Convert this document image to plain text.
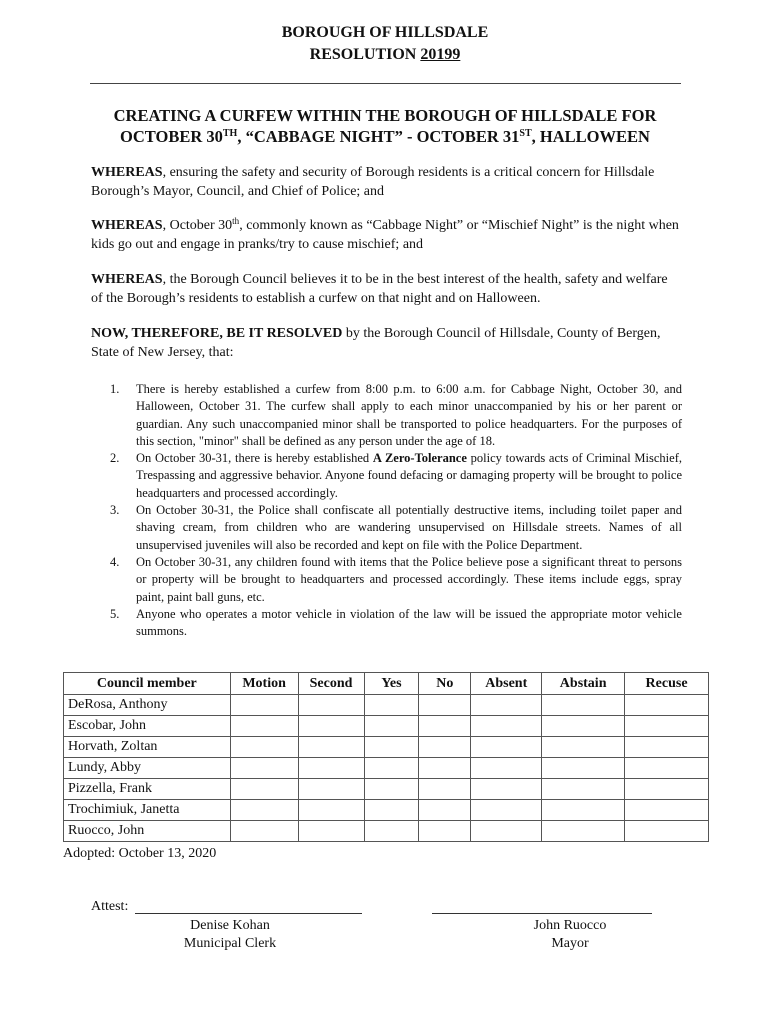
BOROUGH OF HILLSDALE
RESOLUTION 20199
CREATING A CURFEW WITHIN THE BOROUGH OF HILLSDALE FOR
OCTOBER 30TH, “CABBAGE NIGHT” - OCTOBER 31ST, HALLOWEEN
WHEREAS, ensuring the safety and security of Borough residents is a critical concern for Hillsdale Borough’s Mayor, Council, and Chief of Police; and
WHEREAS, October 30th, commonly known as “Cabbage Night” or “Mischief Night” is the night when kids go out and engage in pranks/try to cause mischief; and
WHEREAS, the Borough Council believes it to be in the best interest of the health, safety and welfare of the Borough’s residents to establish a curfew on that night and on Halloween.
NOW, THEREFORE, BE IT RESOLVED by the Borough Council of Hillsdale, County of Bergen, State of New Jersey, that:
1. There is hereby established a curfew from 8:00 p.m. to 6:00 a.m. for Cabbage Night, October 30, and Halloween, October 31. The curfew shall apply to each minor unaccompanied by his or her parent or guardian. Any such unaccompanied minor shall be transported to police headquarters. For the purposes of this section, "minor" shall be defined as any person under the age of 18.
2. On October 30-31, there is hereby established A Zero-Tolerance policy towards acts of Criminal Mischief, Trespassing and aggressive behavior. Anyone found defacing or damaging property will be brought to police headquarters and processed accordingly.
3. On October 30-31, the Police shall confiscate all potentially destructive items, including toilet paper and shaving cream, from children who are wandering unsupervised on Hillsdale streets. Names of all unsupervised juveniles will also be recorded and kept on file with the Police Department.
4. On October 30-31, any children found with items that the Police believe pose a significant threat to persons or property will be brought to headquarters and processed accordingly. These items include eggs, spray paint, paint ball guns, etc.
5. Anyone who operates a motor vehicle in violation of the law will be issued the appropriate motor vehicle summons.
Council member	Motion	Second	Yes	No	Absent	Abstain	Recuse
DeRosa, Anthony							
Escobar, John							
Horvath, Zoltan							
Lundy, Abby							
Pizzella, Frank							
Trochimiuk, Janetta							
Ruocco, John							
Adopted: October 13, 2020
Attest:
Denise Kohan
Municipal Clerk
John Ruocco
Mayor
